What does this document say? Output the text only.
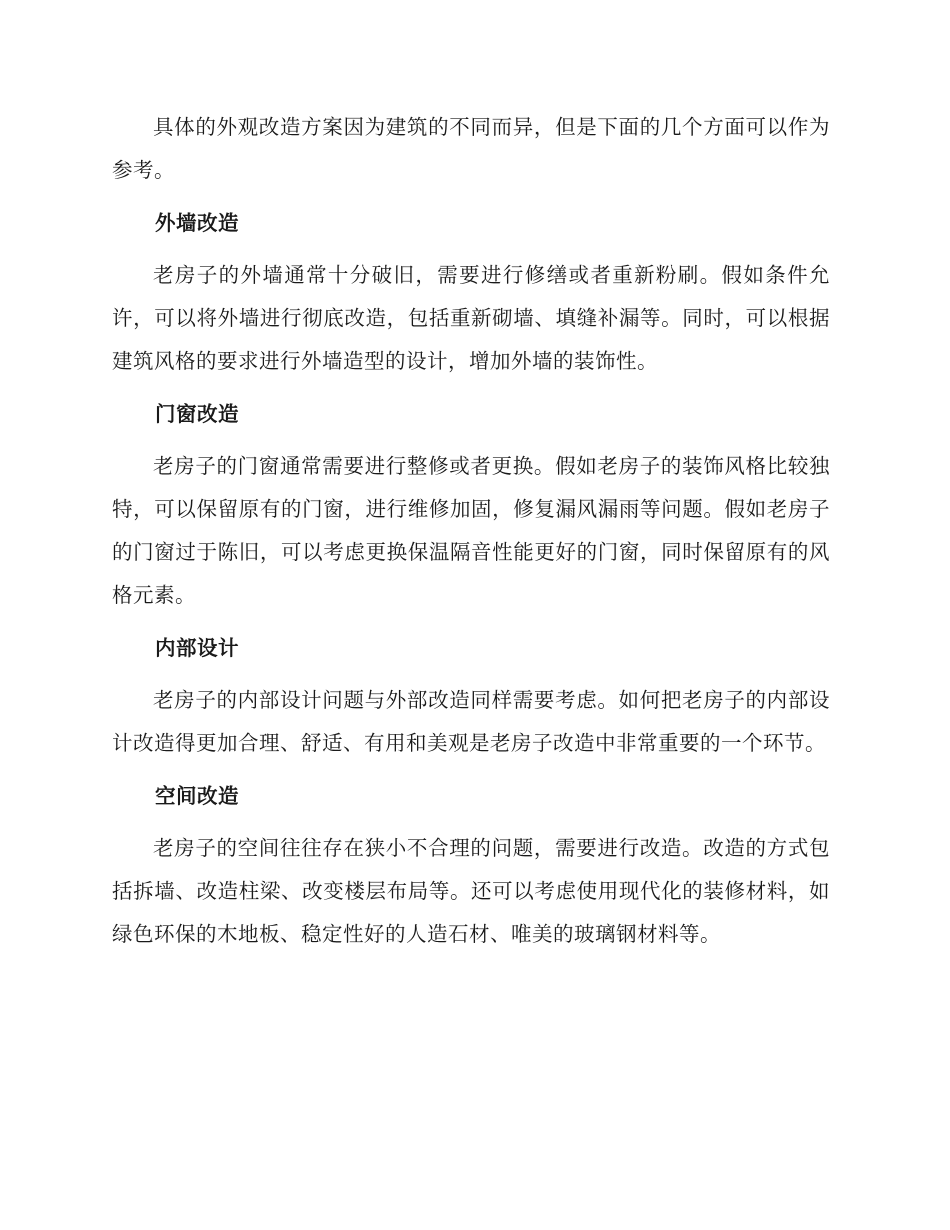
具体的外观改造方案因为建筑的不同而异，但是下面的几个方面可以作为参考。

外墙改造

老房子的外墙通常十分破旧，需要进行修缮或者重新粉刷。假如条件允许，可以将外墙进行彻底改造，包括重新砌墙、填缝补漏等。同时，可以根据建筑风格的要求进行外墙造型的设计，增加外墙的装饰性。

门窗改造

老房子的门窗通常需要进行整修或者更换。假如老房子的装饰风格比较独特，可以保留原有的门窗，进行维修加固，修复漏风漏雨等问题。假如老房子的门窗过于陈旧，可以考虑更换保温隔音性能更好的门窗，同时保留原有的风格元素。

内部设计

老房子的内部设计问题与外部改造同样需要考虑。如何把老房子的内部设计改造得更加合理、舒适、有用和美观是老房子改造中非常重要的一个环节。

空间改造

老房子的空间往往存在狭小不合理的问题，需要进行改造。改造的方式包括拆墙、改造柱梁、改变楼层布局等。还可以考虑使用现代化的装修材料，如绿色环保的木地板、稳定性好的人造石材、唯美的玻璃钢材料等。
